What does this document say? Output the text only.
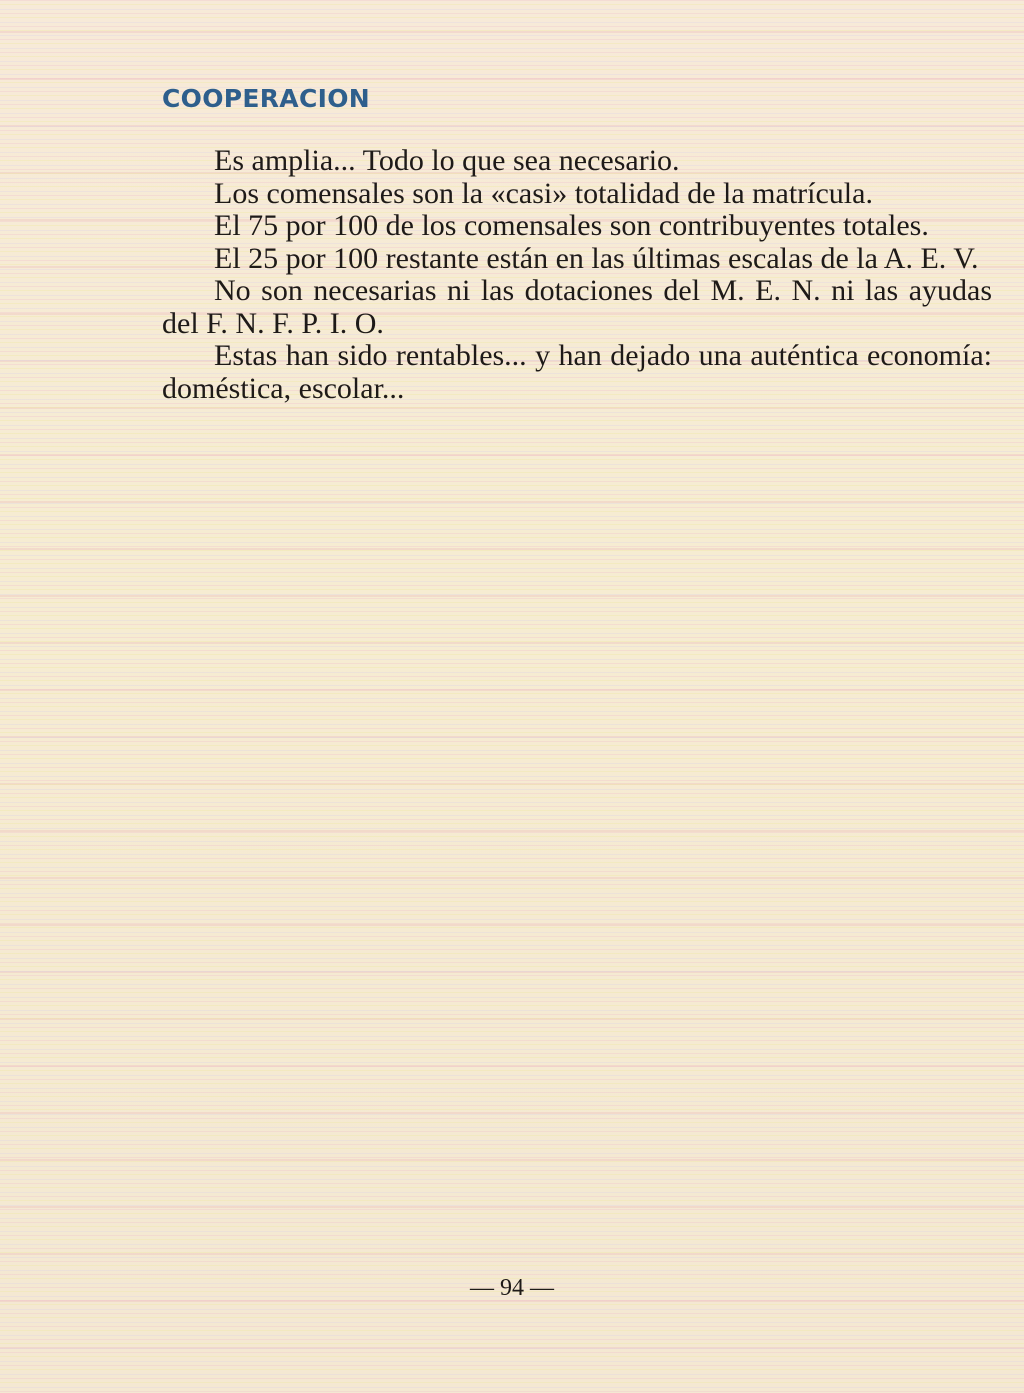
COOPERACION

Es amplia... Todo lo que sea necesario.

Los comensales son la «casi» totalidad de la matrícula.

El 75 por 100 de los comensales son contribuyentes totales.

El 25 por 100 restante están en las últimas escalas de la A. E. V.

No son necesarias ni las dotaciones del M. E. N. ni las ayudas del F. N. F. P. I. O.

Estas han sido rentables... y han dejado una auténtica economía: doméstica, escolar...

— 94 —
